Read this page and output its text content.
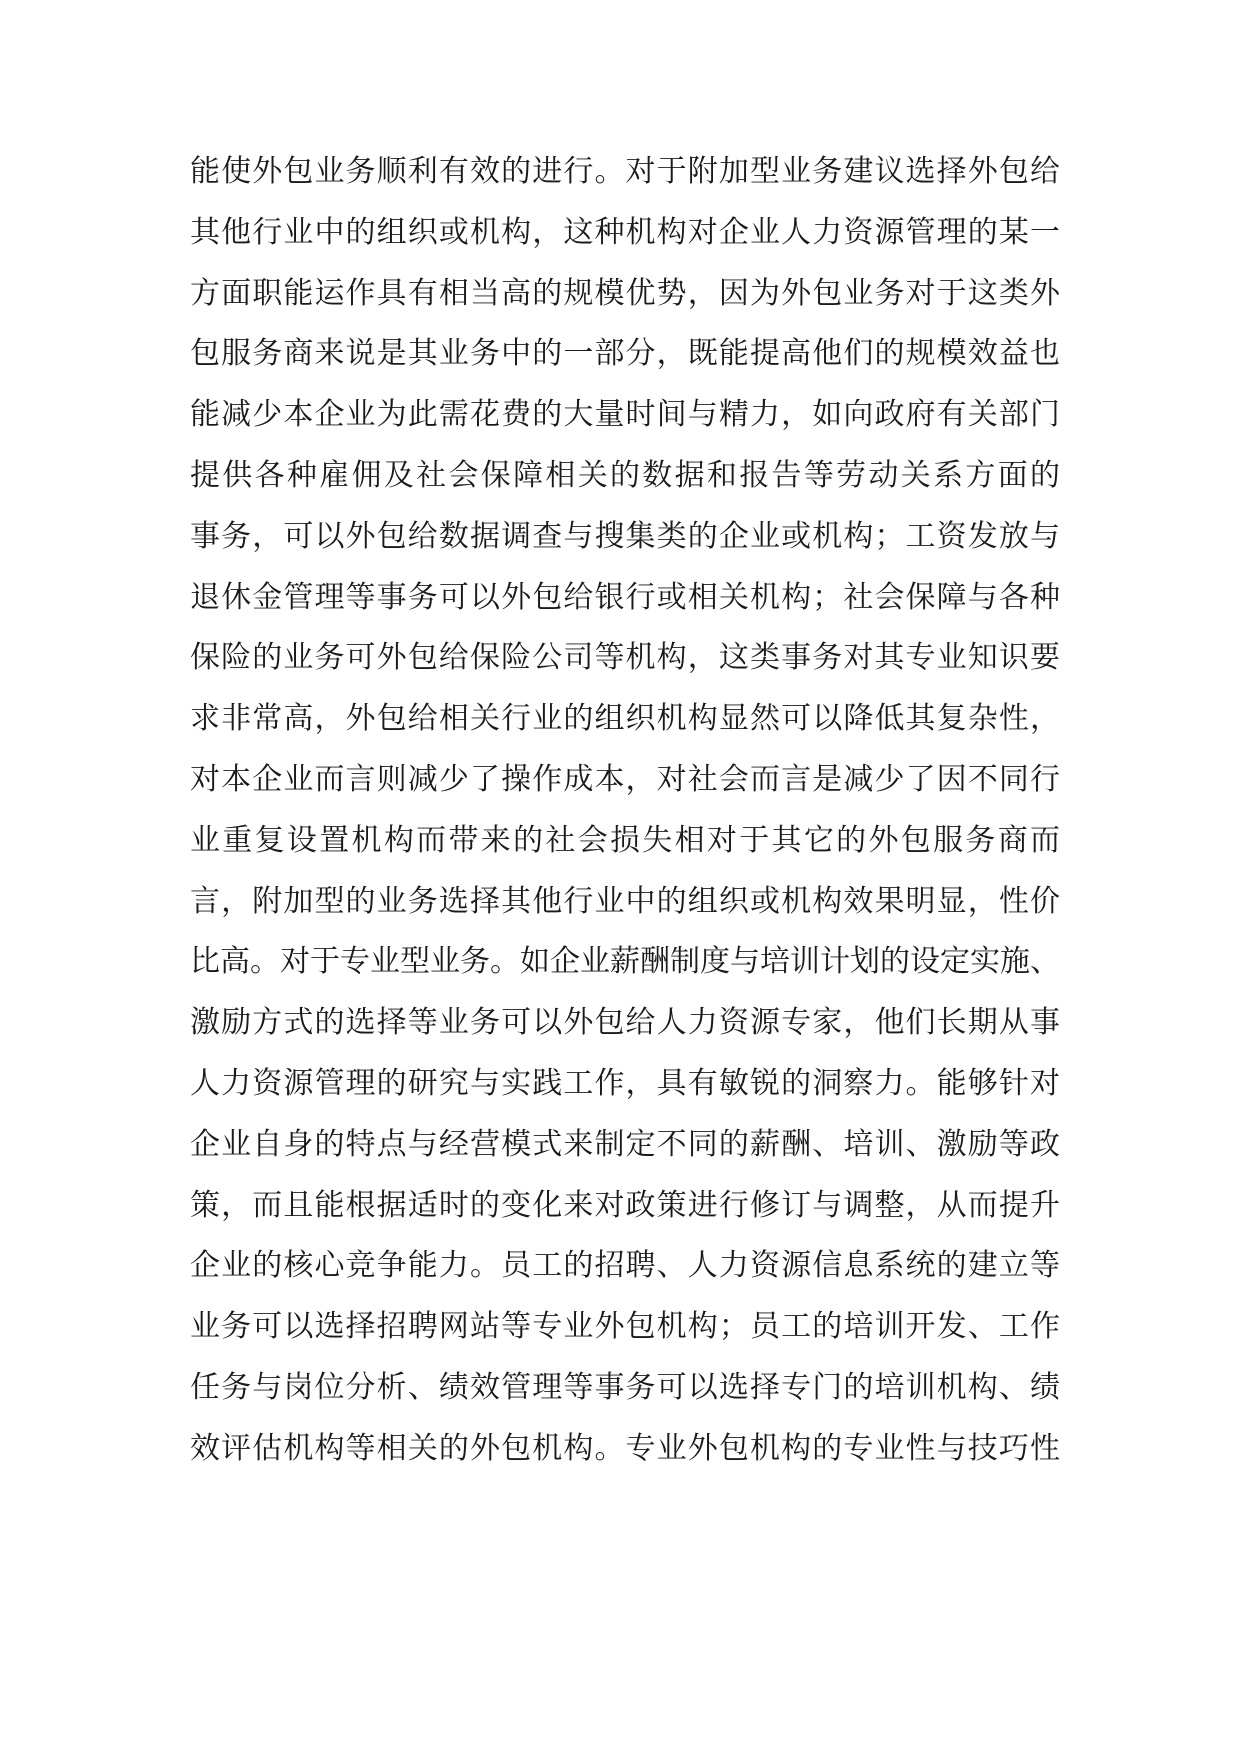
能使外包业务顺利有效的进行。对于附加型业务建议选择外包给
其他行业中的组织或机构，这种机构对企业人力资源管理的某一
方面职能运作具有相当高的规模优势，因为外包业务对于这类外
包服务商来说是其业务中的一部分，既能提高他们的规模效益也
能减少本企业为此需花费的大量时间与精力，如向政府有关部门
提供各种雇佣及社会保障相关的数据和报告等劳动关系方面的
事务，可以外包给数据调查与搜集类的企业或机构；工资发放与
退休金管理等事务可以外包给银行或相关机构；社会保障与各种
保险的业务可外包给保险公司等机构，这类事务对其专业知识要
求非常高，外包给相关行业的组织机构显然可以降低其复杂性，
对本企业而言则减少了操作成本，对社会而言是减少了因不同行
业重复设置机构而带来的社会损失相对于其它的外包服务商而
言，附加型的业务选择其他行业中的组织或机构效果明显，性价
比高。对于专业型业务。如企业薪酬制度与培训计划的设定实施、
激励方式的选择等业务可以外包给人力资源专家，他们长期从事
人力资源管理的研究与实践工作，具有敏锐的洞察力。能够针对
企业自身的特点与经营模式来制定不同的薪酬、培训、激励等政
策，而且能根据适时的变化来对政策进行修订与调整，从而提升
企业的核心竞争能力。员工的招聘、人力资源信息系统的建立等
业务可以选择招聘网站等专业外包机构；员工的培训开发、工作
任务与岗位分析、绩效管理等事务可以选择专门的培训机构、绩
效评估机构等相关的外包机构。专业外包机构的专业性与技巧性
